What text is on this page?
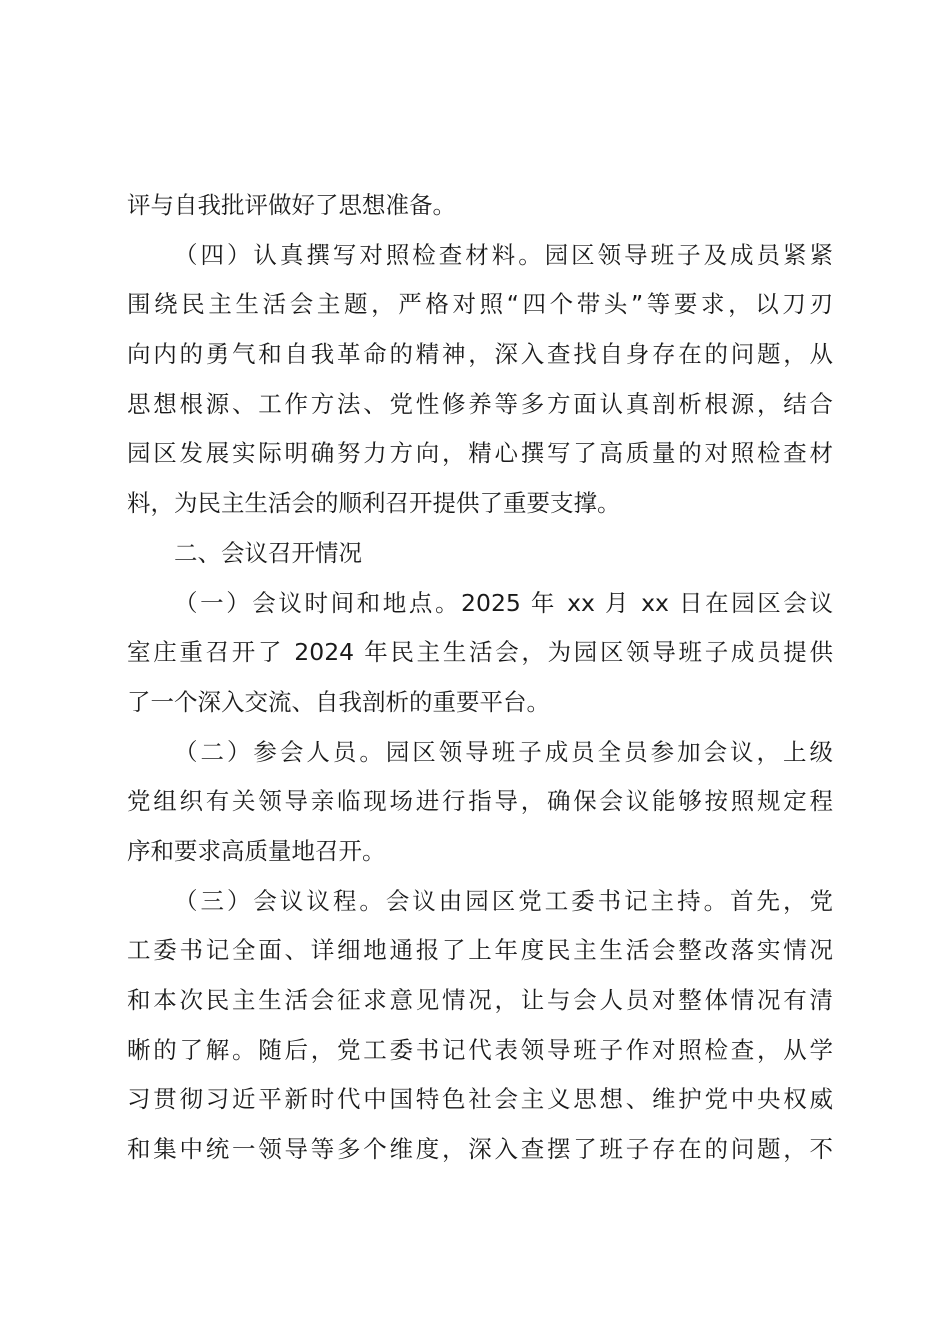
评与自我批评做好了思想准备。
（四）认真撰写对照检查材料。园区领导班子及成员紧紧
围绕民主生活会主题，严格对照“四个带头”等要求，以刀刃
向内的勇气和自我革命的精神，深入查找自身存在的问题，从
思想根源、工作方法、党性修养等多方面认真剖析根源，结合
园区发展实际明确努力方向，精心撰写了高质量的对照检查材
料，为民主生活会的顺利召开提供了重要支撑。
二、会议召开情况
（一）会议时间和地点。2025 年 xx 月 xx 日在园区会议
室庄重召开了 2024 年民主生活会，为园区领导班子成员提供
了一个深入交流、自我剖析的重要平台。
（二）参会人员。园区领导班子成员全员参加会议，上级
党组织有关领导亲临现场进行指导，确保会议能够按照规定程
序和要求高质量地召开。
（三）会议议程。会议由园区党工委书记主持。首先，党
工委书记全面、详细地通报了上年度民主生活会整改落实情况
和本次民主生活会征求意见情况，让与会人员对整体情况有清
晰的了解。随后，党工委书记代表领导班子作对照检查，从学
习贯彻习近平新时代中国特色社会主义思想、维护党中央权威
和集中统一领导等多个维度，深入查摆了班子存在的问题，不
